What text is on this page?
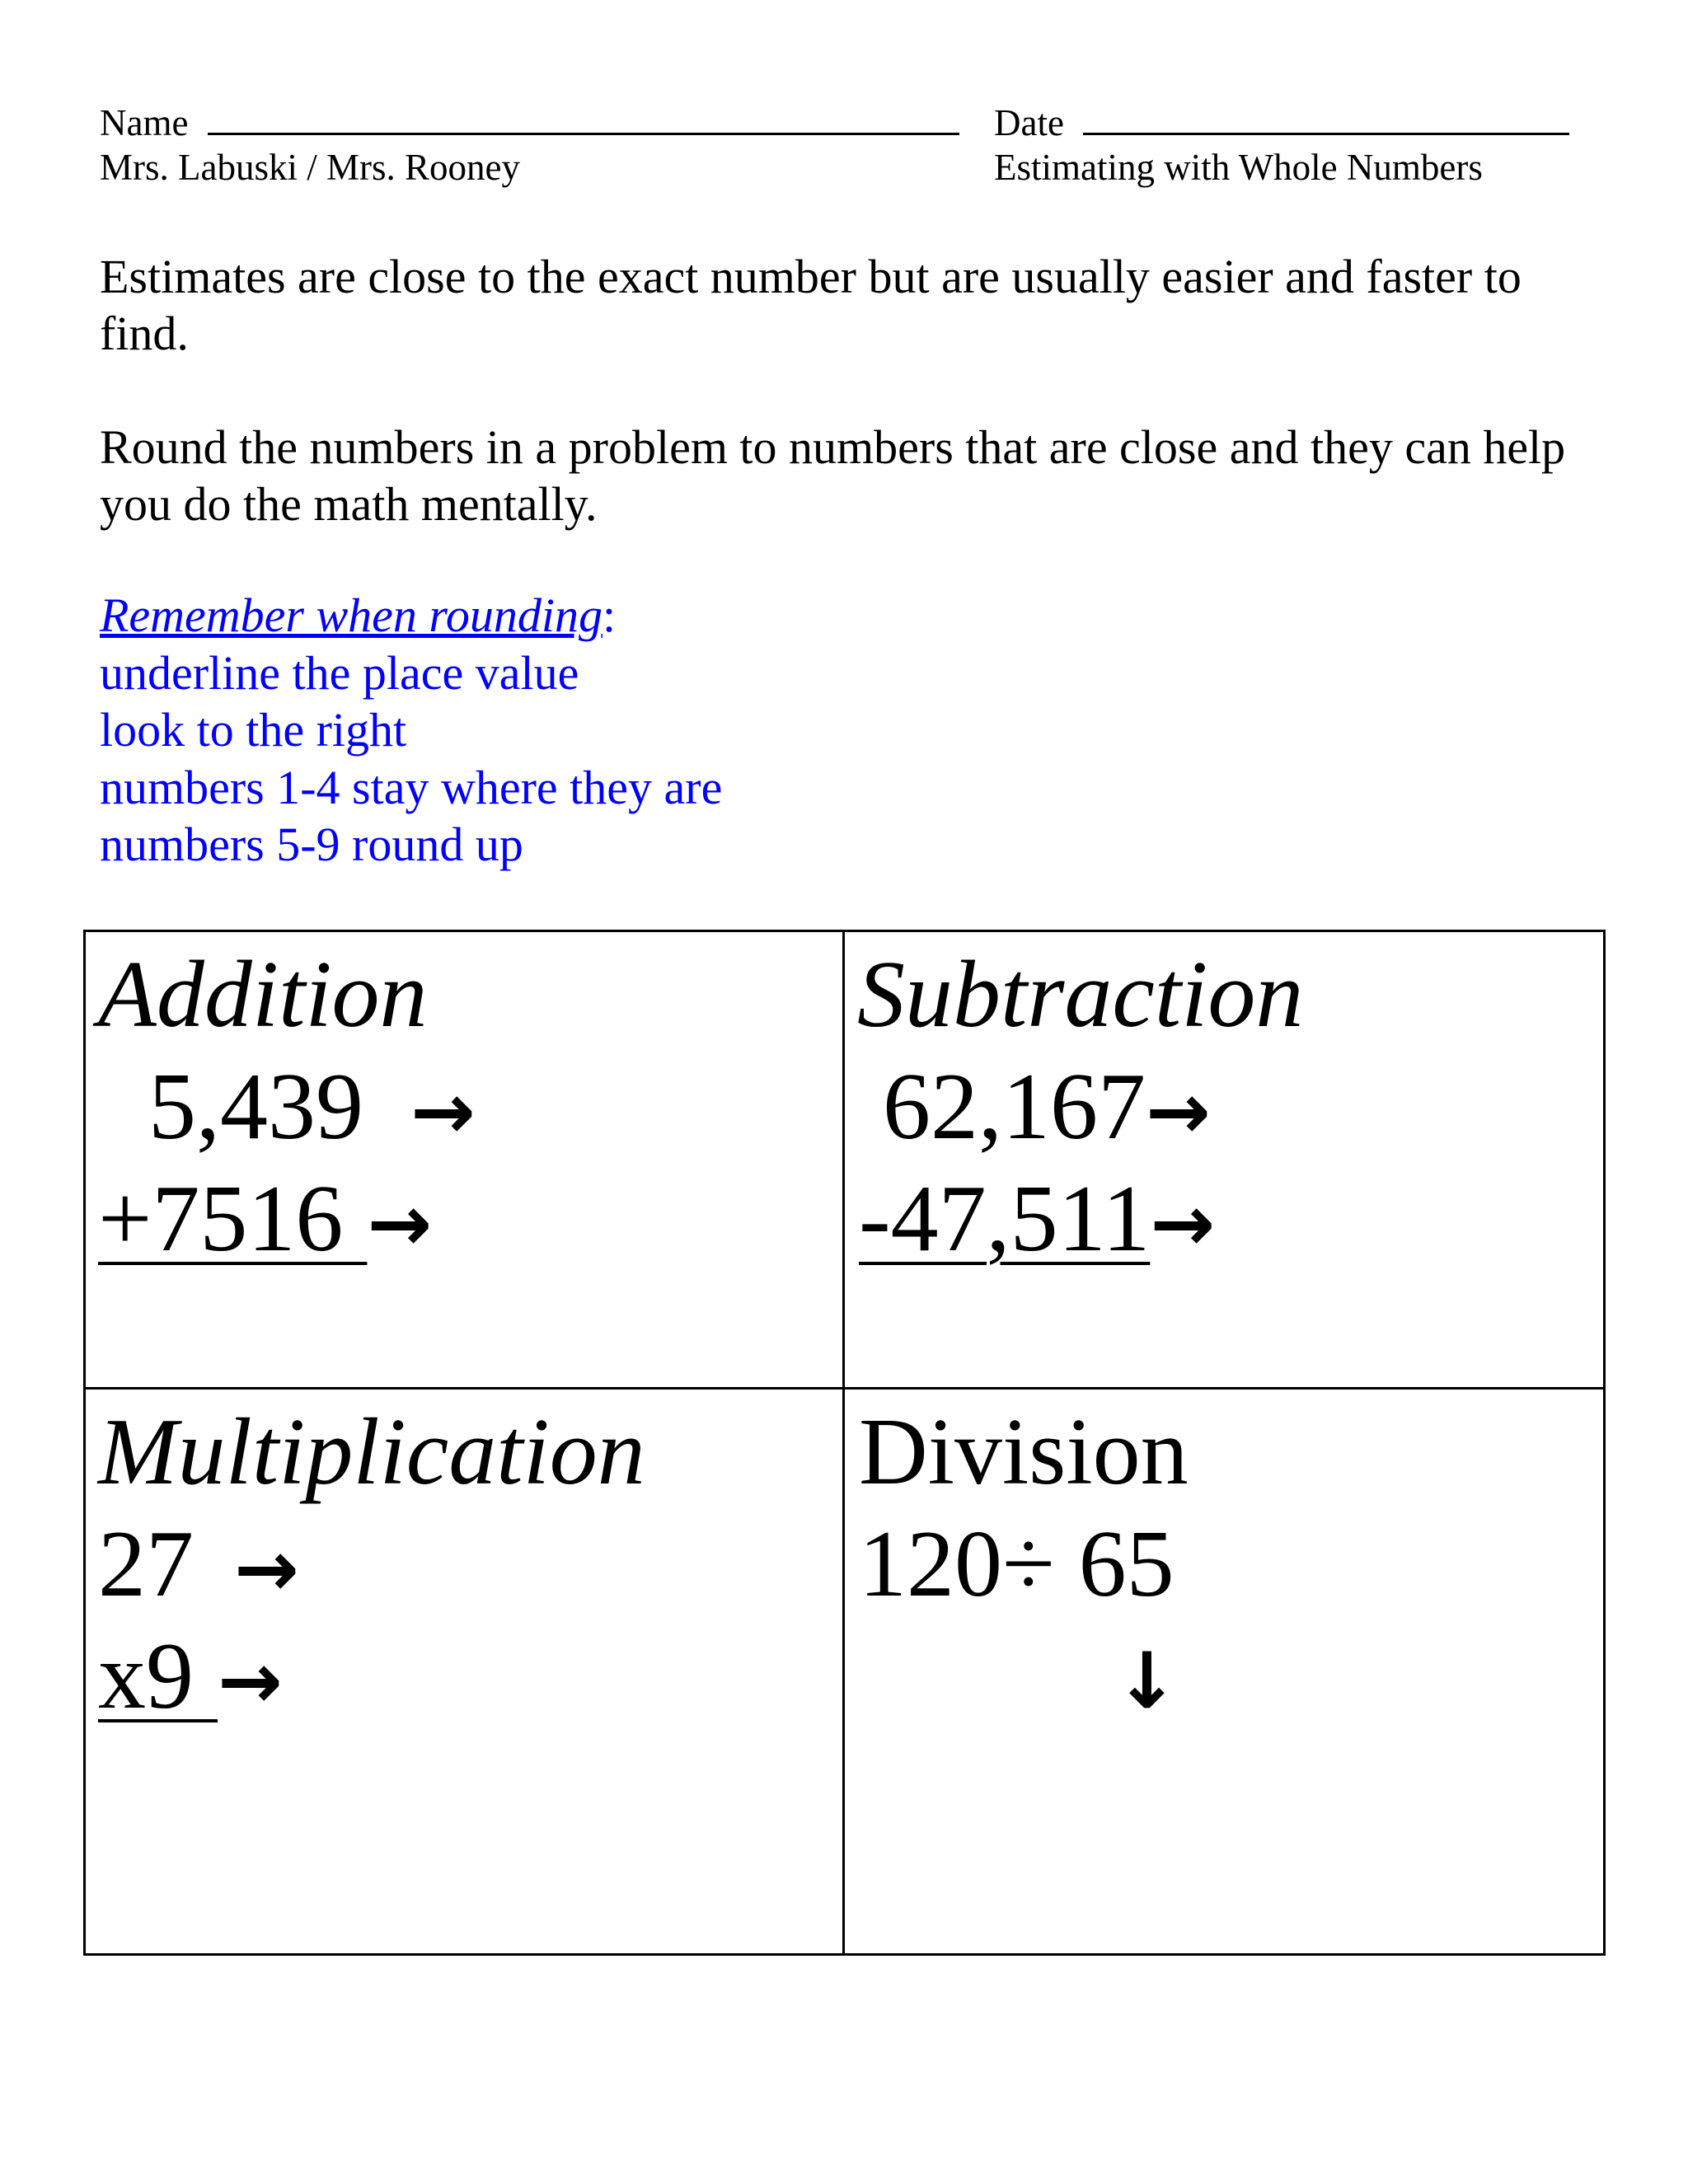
Name	Date
Mrs. Labuski / Mrs. Rooney	Estimating with Whole Numbers
Estimates are close to the exact number but are usually easier and faster to find.
Round the numbers in a problem to numbers that are close and they can help you do the math mentally.
Remember when rounding:
underline the place value
look to the right
numbers 1-4 stay where they are
numbers 5-9 round up
Addition
5,439 →
+7516 →
Subtraction
62,167→
-47,511→
Multiplication
27 →
x9 →
Division
120÷ 65
↓
